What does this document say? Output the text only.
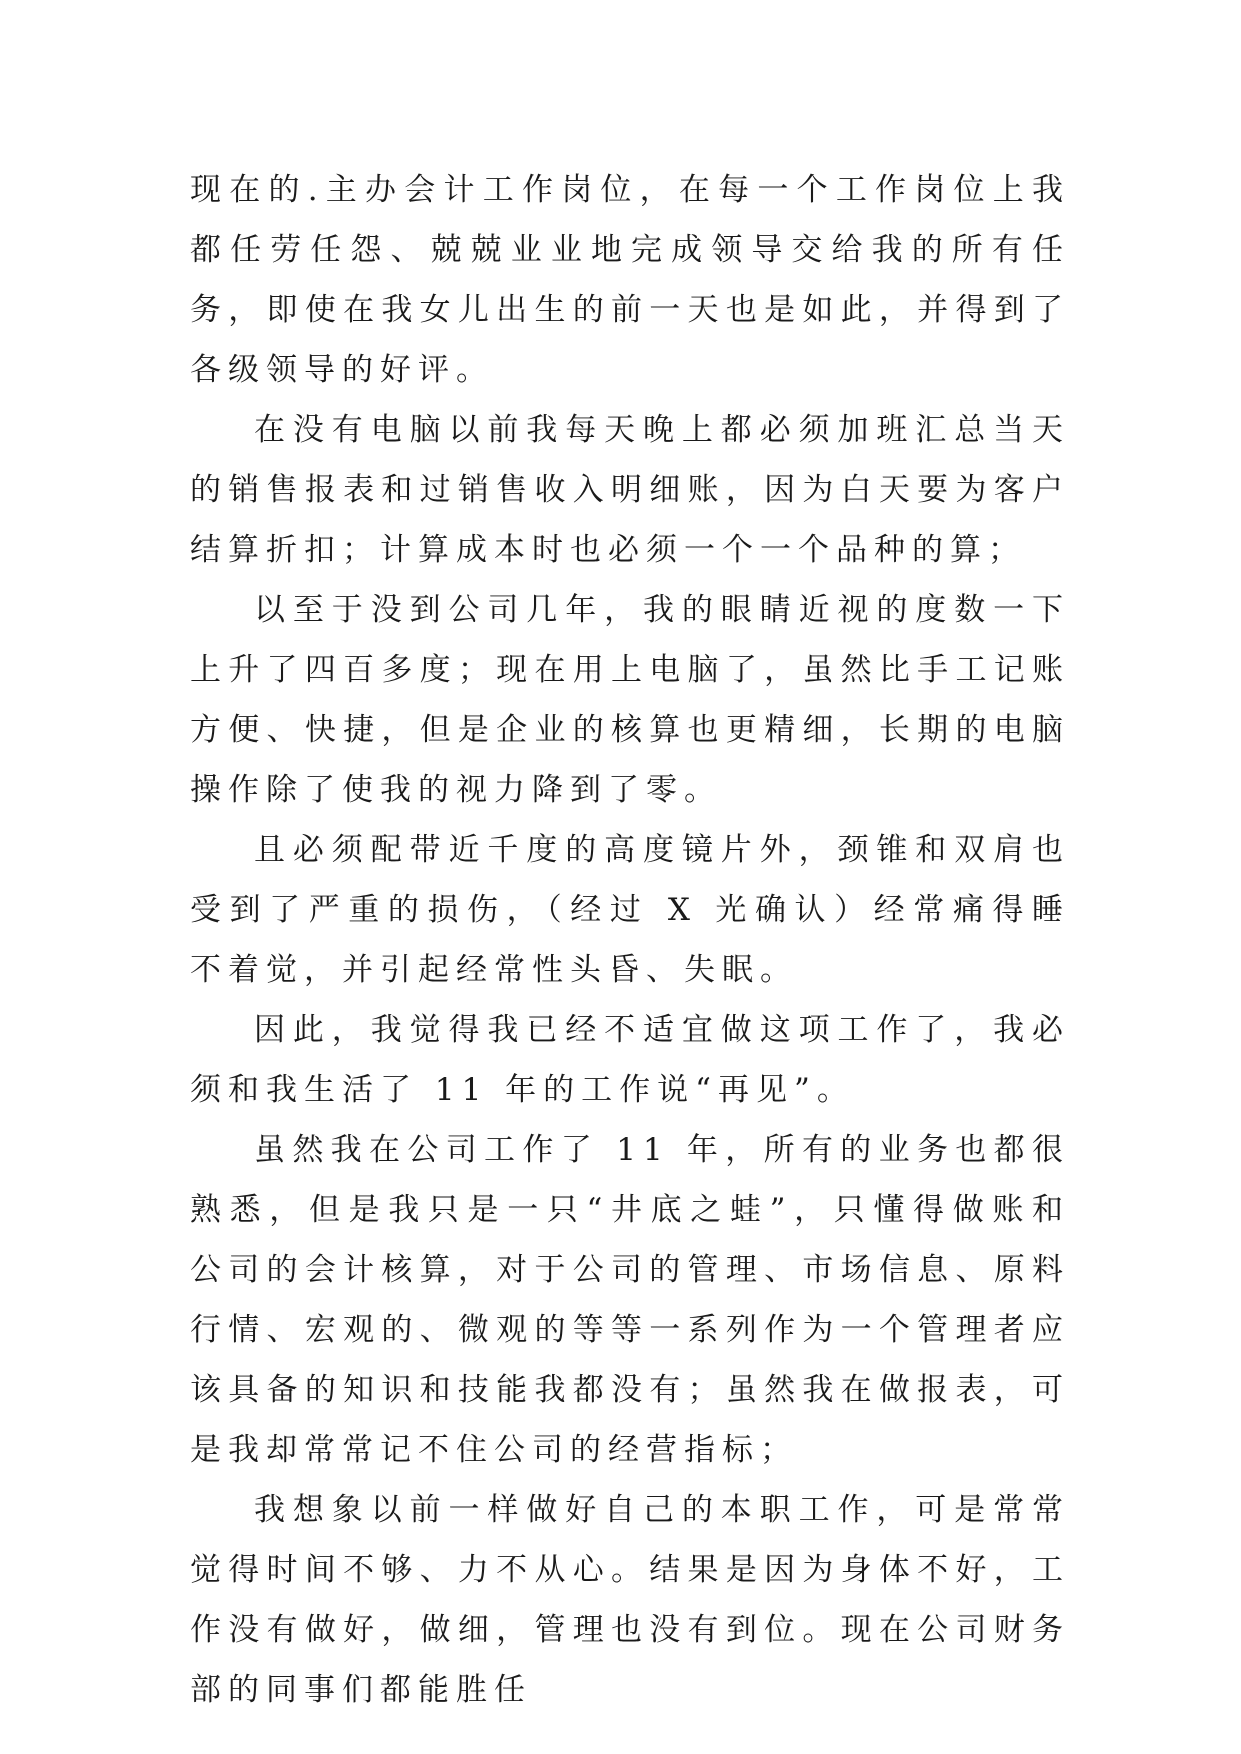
现在的.主办会计工作岗位，在每一个工作岗位上我都任劳任怨、兢兢业业地完成领导交给我的所有任务，即使在我女儿出生的前一天也是如此，并得到了各级领导的好评。

在没有电脑以前我每天晚上都必须加班汇总当天的销售报表和过销售收入明细账，因为白天要为客户结算折扣；计算成本时也必须一个一个品种的算；

以至于没到公司几年，我的眼睛近视的度数一下上升了四百多度；现在用上电脑了，虽然比手工记账方便、快捷，但是企业的核算也更精细，长期的电脑操作除了使我的视力降到了零。

且必须配带近千度的高度镜片外，颈锥和双肩也受到了严重的损伤，（经过 X 光确认）经常痛得睡不着觉，并引起经常性头昏、失眠。

因此，我觉得我已经不适宜做这项工作了，我必须和我生活了 11 年的工作说“再见”。

虽然我在公司工作了 11 年，所有的业务也都很熟悉，但是我只是一只“井底之蛙”，只懂得做账和公司的会计核算，对于公司的管理、市场信息、原料行情、宏观的、微观的等等一系列作为一个管理者应该具备的知识和技能我都没有；虽然我在做报表，可是我却常常记不住公司的经营指标；

我想象以前一样做好自己的本职工作，可是常常觉得时间不够、力不从心。结果是因为身体不好，工作没有做好，做细，管理也没有到位。现在公司财务部的同事们都能胜任
